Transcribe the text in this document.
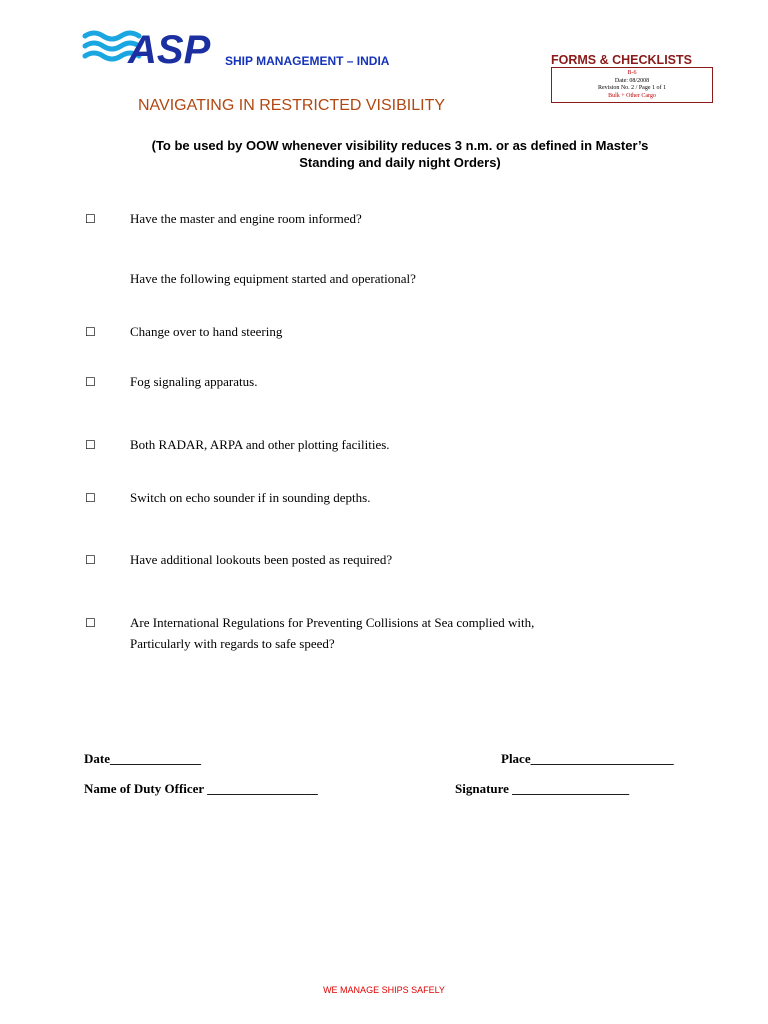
ASP SHIP MANAGEMENT – INDIA	FORMS & CHECKLISTS
B-6
Date: 08/2008
Revision No. 2 / Page 1 of 1
Bulk + Other Cargo
NAVIGATING IN RESTRICTED VISIBILITY
(To be used by OOW whenever visibility reduces 3 n.m. or as defined in Master’s
Standing and daily night Orders)
☐	Have the master and engine room informed?
Have the following equipment started and operational?
☐	Change over to hand steering
☐	Fog signaling apparatus.
☐	Both RADAR, ARPA and other plotting facilities.
☐	Switch on echo sounder if in sounding depths.
☐	Have additional lookouts been posted as required?
☐	Are International Regulations for Preventing Collisions at Sea complied with,
Particularly with regards to safe speed?
Date______________	Place______________________
Name of Duty Officer _________________	Signature __________________
WE MANAGE SHIPS SAFELY
